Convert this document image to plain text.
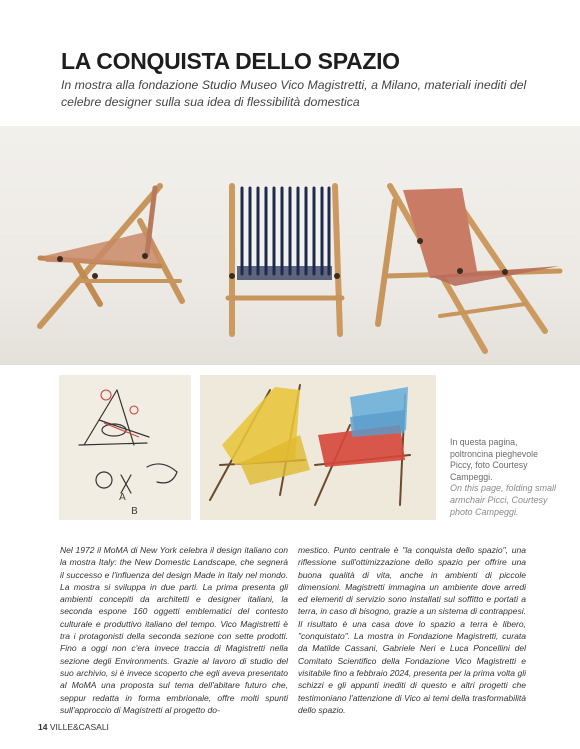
LA CONQUISTA DELLO SPAZIO
In mostra alla fondazione Studio Museo Vico Magistretti, a Milano, materiali inediti del celebre designer sulla sua idea di flessibilità domestica
A
B
In questa pagina, poltroncina pieghevole Piccy, foto Courtesy Campeggi.
On this page, folding small armchair Picci, Courtesy photo Campeggi.
Nel 1972 il MoMA di New York celebra il design italiano con la mostra Italy: the New Domestic Landscape, che segnerà il successo e l'influenza del design Made in Italy nel mondo. La mostra si sviluppa in due parti. La prima presenta gli ambienti concepiti da architetti e designer italiani, la seconda espone 160 oggetti emblematici del contesto culturale e produttivo italiano del tempo. Vico Magistretti è tra i protagonisti della seconda sezione con sette prodotti. Fino a oggi non c'era invece traccia di Magistretti nella sezione degli Environments. Grazie al lavoro di studio del suo archivio, si è invece scoperto che egli aveva presentato al MoMA una proposta sul tema dell'abitare futuro che, seppur redatta in forma embrionale, offre molti spunti sull'approccio di Magistretti al progetto do-
mestico. Punto centrale è "la conquista dello spazio", una riflessione sull'ottimizzazione dello spazio per offrire una buona qualità di vita, anche in ambienti di piccole dimensioni. Magistretti immagina un ambiente dove arredi ed elementi di servizio sono installati sul soffitto e portati a terra, in caso di bisogno, grazie a un sistema di contrappesi. Il risultato è una casa dove lo spazio a terra è libero, "conquistato". La mostra in Fondazione Magistretti, curata da Matilde Cassani, Gabriele Neri e Luca Poncellini del Comitato Scientifico della Fondazione Vico Magistretti e visitabile fino a febbraio 2024, presenta per la prima volta gli schizzi e gli appunti inediti di questo e altri progetti che testimoniano l'attenzione di Vico ai temi della trasformabilità dello spazio.
14 VILLE&CASALI
